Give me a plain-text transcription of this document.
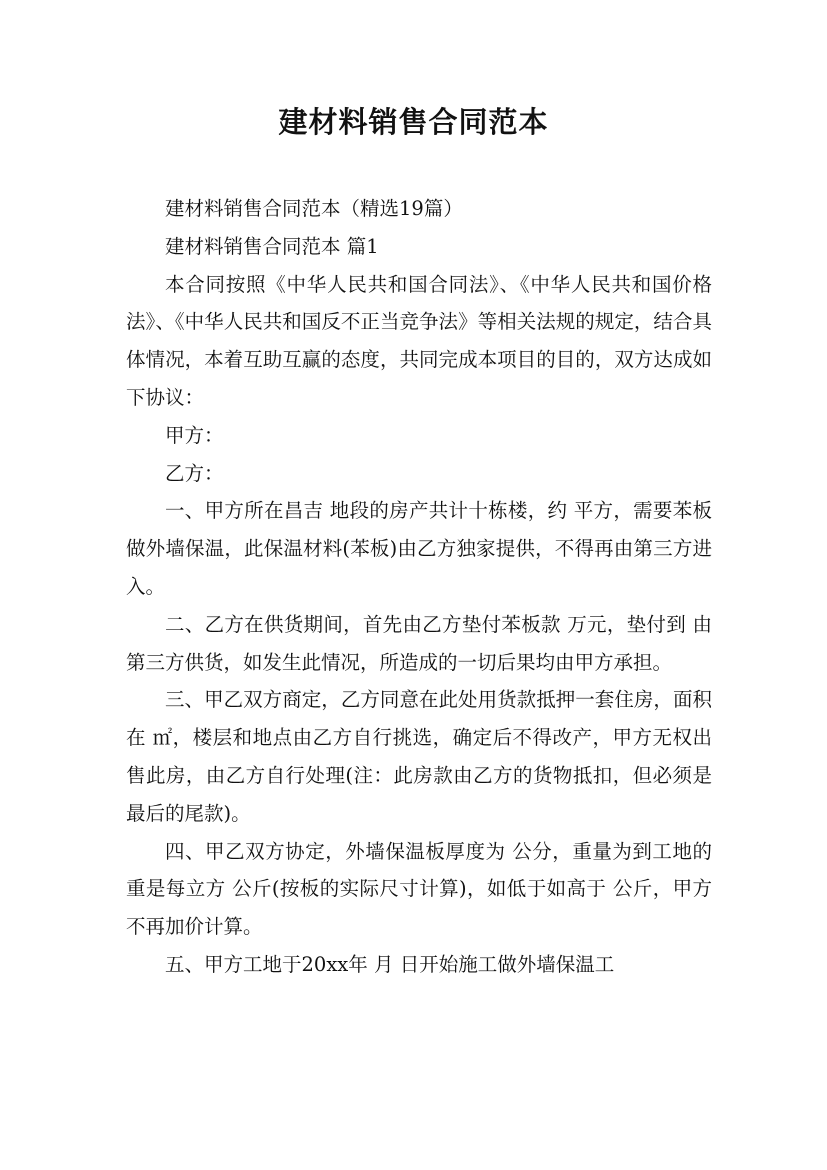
建材料销售合同范本

建材料销售合同范本（精选19篇）

建材料销售合同范本 篇1

本合同按照《中华人民共和国合同法》、《中华人民共和国价格法》、《中华人民共和国反不正当竞争法》等相关法规的规定，结合具体情况，本着互助互赢的态度，共同完成本项目的目的，双方达成如下协议：

甲方：

乙方：

一、甲方所在昌吉 地段的房产共计十栋楼，约 平方，需要苯板做外墙保温，此保温材料(苯板)由乙方独家提供，不得再由第三方进入。

二、乙方在供货期间，首先由乙方垫付苯板款 万元，垫付到 由第三方供货，如发生此情况，所造成的一切后果均由甲方承担。

三、甲乙双方商定，乙方同意在此处用货款抵押一套住房，面积在 ㎡，楼层和地点由乙方自行挑选，确定后不得改产，甲方无权出售此房，由乙方自行处理(注：此房款由乙方的货物抵扣，但必须是最后的尾款)。

四、甲乙双方协定，外墙保温板厚度为 公分，重量为到工地的重是每立方 公斤(按板的实际尺寸计算)，如低于如高于 公斤，甲方不再加价计算。

五、甲方工地于20xx年 月 日开始施工做外墙保温工
